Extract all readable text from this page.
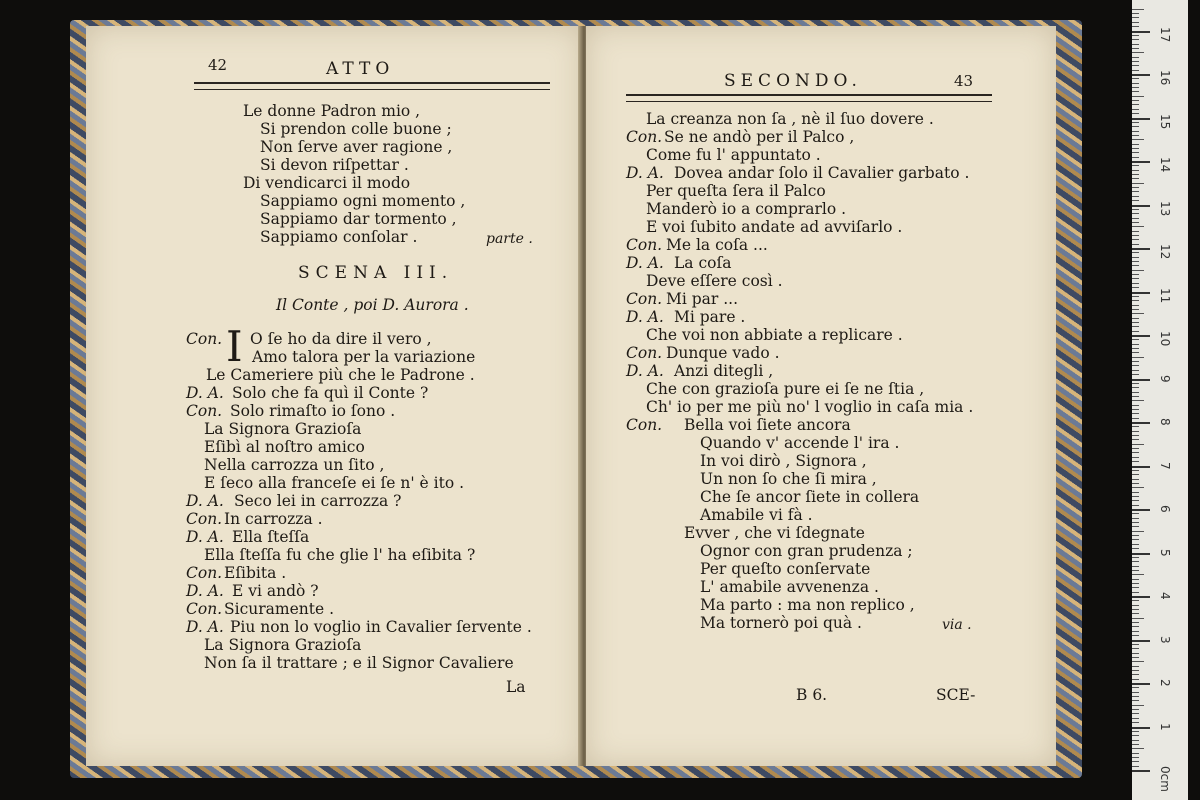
42	ATTO
Le donne Padron mio ,
Si prendon colle buone ;
Non ſerve aver ragione ,
Si devon riſpettar .
Di vendicarci il modo
Sappiamo ogni momento ,
Sappiamo dar tormento ,
Sappiamo conſolar .	parte .
SCENA III.
Il Conte , poi D. Aurora .
Con. I O ſe ho da dire il vero ,
Amo talora per la variazione
Le Cameriere più che le Padrone .
D. A. Solo che fa quì il Conte ?
Con. Solo rimaſto io ſono .
La Signora Grazioſa
Eſibì al noſtro amico
Nella carrozza un ſito ,
E ſeco alla franceſe ei ſe n' è ito .
D. A. Seco lei in carrozza ?
Con. In carrozza .
D. A. Ella ſteſſa
Ella ſteſſa fu che glie l' ha eſibita ?
Con. Eſibita .
D. A. E vi andò ?
Con. Sicuramente .
D. A. Piu non lo voglio in Cavalier ſervente .
La Signora Grazioſa
Non ſa il trattare ; e il Signor Cavaliere
La
SECONDO.	43
La creanza non ſa , nè il ſuo dovere .
Con. Se ne andò per il Palco ,
Come fu l' appuntato .
D. A. Dovea andar ſolo il Cavalier garbato .
Per queſta ſera il Palco
Manderò io a comprarlo .
E voi ſubito andate ad avviſarlo .
Con. Me la coſa ...
D. A. La coſa
Deve eſſere così .
Con. Mi par ...
D. A. Mi pare .
Che voi non abbiate a replicare .
Con. Dunque vado .
D. A. Anzi ditegli ,
Che con grazioſa pure ei ſe ne ſtia ,
Ch' io per me più no' l voglio in caſa mia .
Con. Bella voi ſiete ancora
Quando v' accende l' ira .
In voi dirò , Signora ,
Un non ſo che ſi mira ,
Che ſe ancor ſiete in collera
Amabile vi fà .
Evver , che vi ſdegnate
Ognor con gran prudenza ;
Per queſto conſervate
L' amabile avvenenza .
Ma parto : ma non replico ,
Ma tornerò poi quà .	via .
B 6.	SCE-
0cm
1
2
3
4
5
6
7
8
9
10
11
12
13
14
15
16
17
